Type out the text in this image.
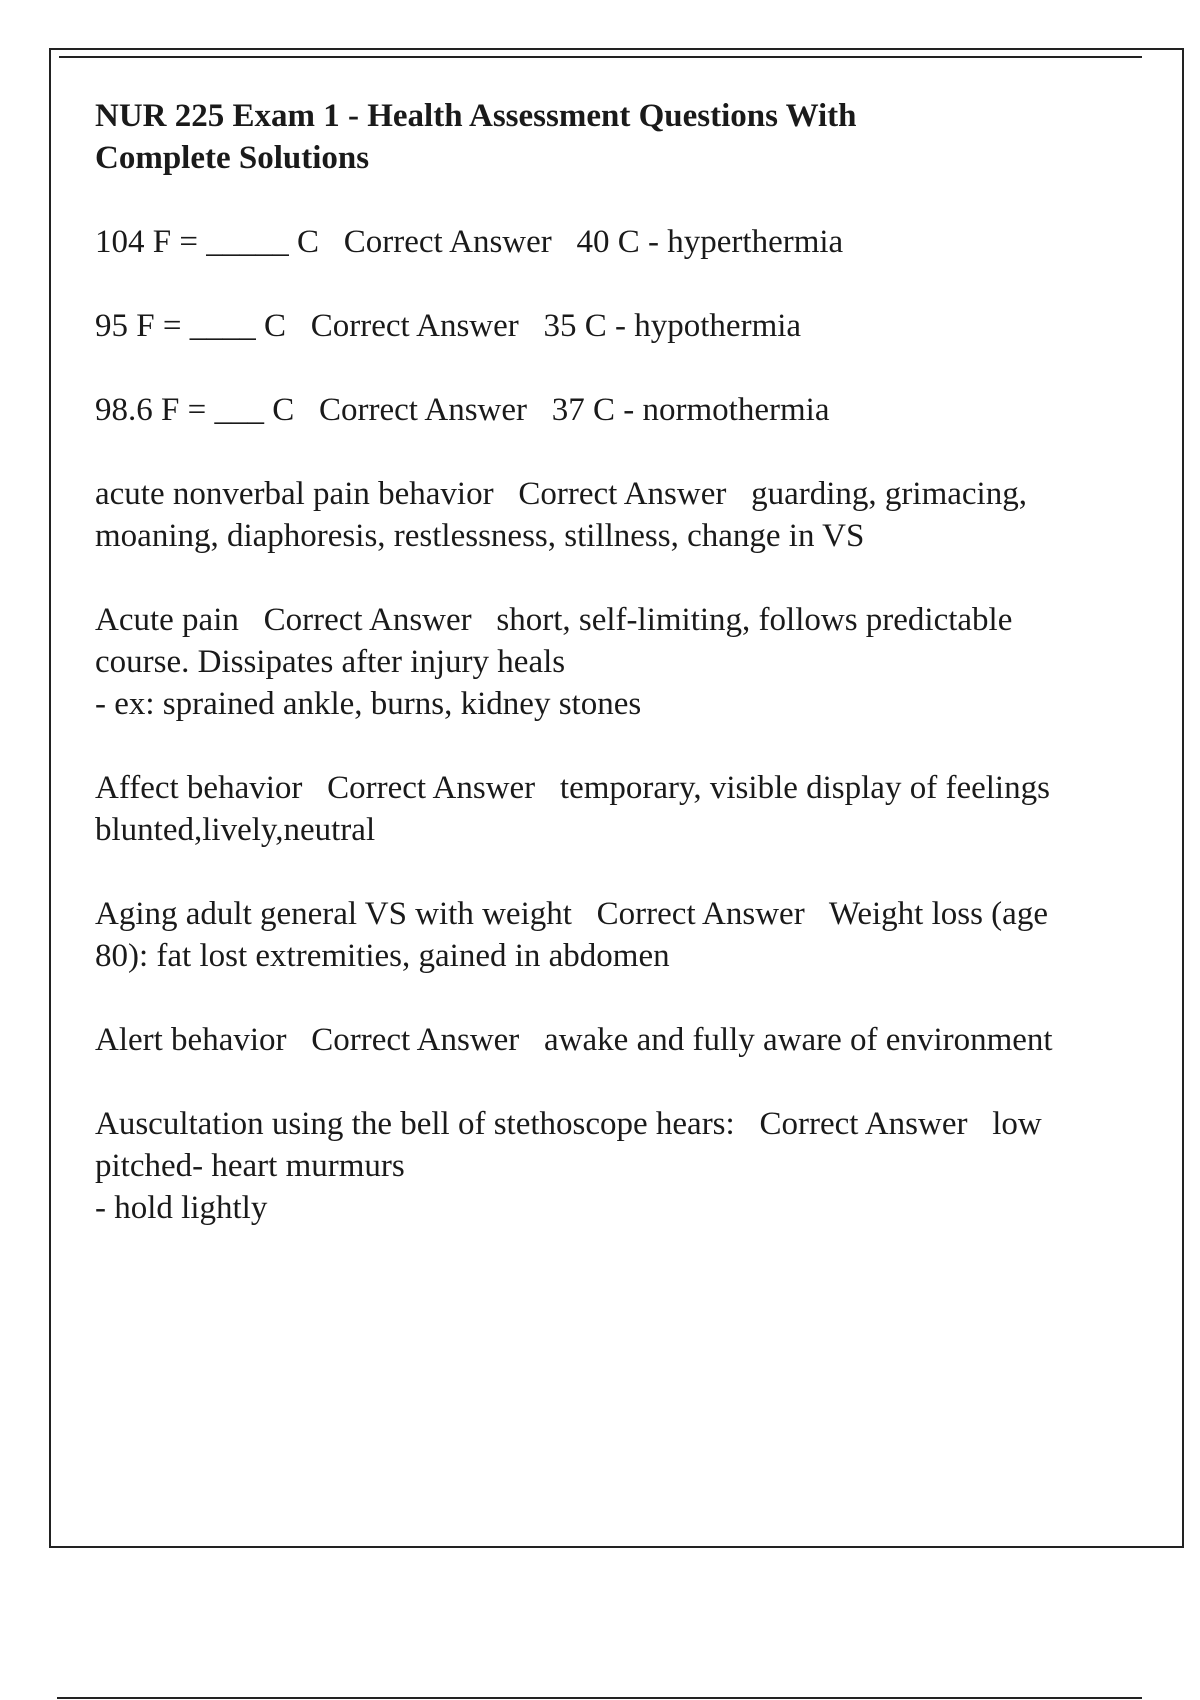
NUR 225 Exam 1 - Health Assessment Questions With Complete Solutions
104 F = _____ C Correct Answer 40 C - hyperthermia
95 F = ____ C Correct Answer 35 C - hypothermia
98.6 F = ___ C Correct Answer 37 C - normothermia
acute nonverbal pain behavior Correct Answer guarding, grimacing, moaning, diaphoresis, restlessness, stillness, change in VS
Acute pain Correct Answer short, self-limiting, follows predictable course. Dissipates after injury heals
- ex: sprained ankle, burns, kidney stones
Affect behavior Correct Answer temporary, visible display of feelings
blunted,lively,neutral
Aging adult general VS with weight Correct Answer Weight loss (age 80): fat lost extremities, gained in abdomen
Alert behavior Correct Answer awake and fully aware of environment
Auscultation using the bell of stethoscope hears: Correct Answer low pitched- heart murmurs
- hold lightly
